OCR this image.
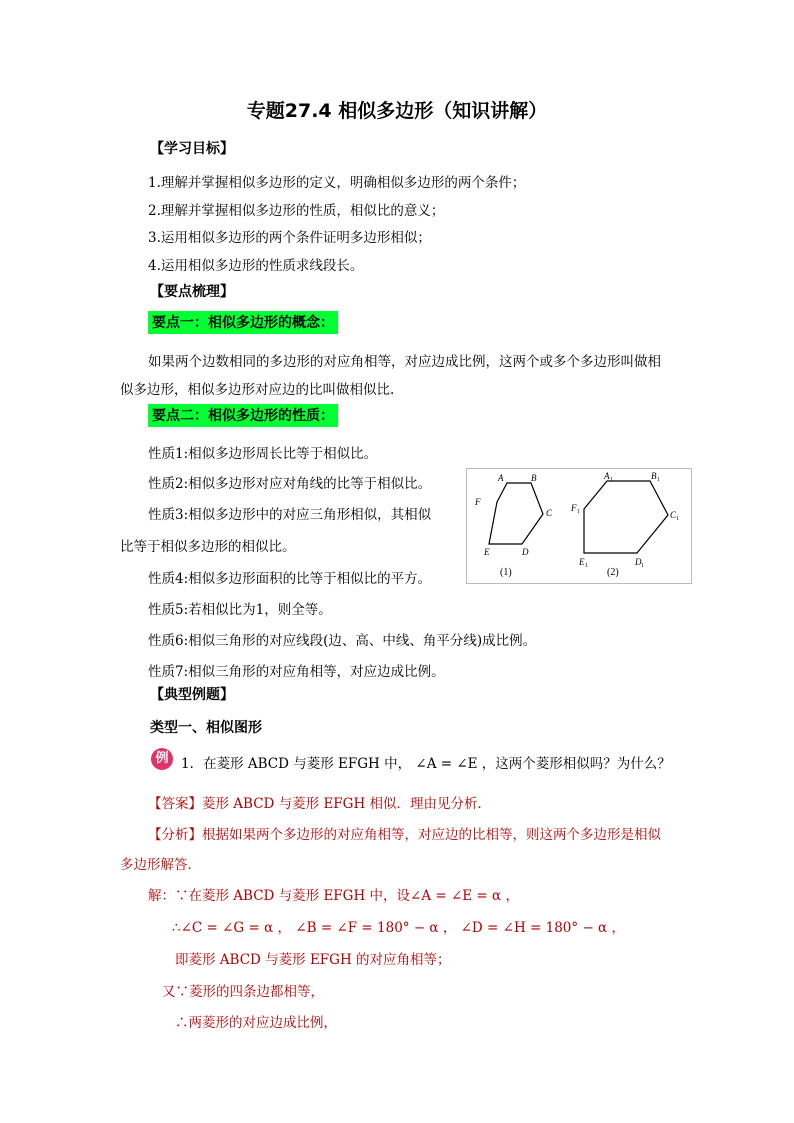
专题27.4 相似多边形（知识讲解）
【学习目标】
1.理解并掌握相似多边形的定义，明确相似多边形的两个条件；
2.理解并掌握相似多边形的性质，相似比的意义；
3.运用相似多边形的两个条件证明多边形相似；
4.运用相似多边形的性质求线段长。
【要点梳理】
要点一：相似多边形的概念：
如果两个边数相同的多边形的对应角相等，对应边成比例，这两个或多个多边形叫做相
似多边形，相似多边形对应边的比叫做相似比.
要点二：相似多边形的性质：
性质1:相似多边形周长比等于相似比。
性质2:相似多边形对应对角线的比等于相似比。
性质3:相似多边形中的对应三角形相似，其相似
比等于相似多边形的相似比。
性质4:相似多边形面积的比等于相似比的平方。
性质5:若相似比为1，则全等。
性质6:相似三角形的对应线段(边、高、中线、角平分线)成比例。
性质7:相似三角形的对应角相等，对应边成比例。
A	B
C
D
E
F
A 1	B 1
C 1
D 1
E 1
F 1
(1)	(2)
【典型例题】
类型一、相似图形
例 1．在菱形 ABCD 与菱形 EFGH 中， ∠A = ∠E ，这两个菱形相似吗？为什么？
【答案】菱形 ABCD 与菱形 EFGH 相似．理由见分析．
【分析】根据如果两个多边形的对应角相等，对应边的比相等，则这两个多边形是相似
多边形解答．
解：∵在菱形 ABCD 与菱形 EFGH 中，设∠A = ∠E = α ，
∴∠C = ∠G = α ， ∠B = ∠F = 180° − α ， ∠D = ∠H = 180° − α ，
即菱形 ABCD 与菱形 EFGH 的对应角相等；
又∵菱形的四条边都相等，
∴两菱形的对应边成比例，
